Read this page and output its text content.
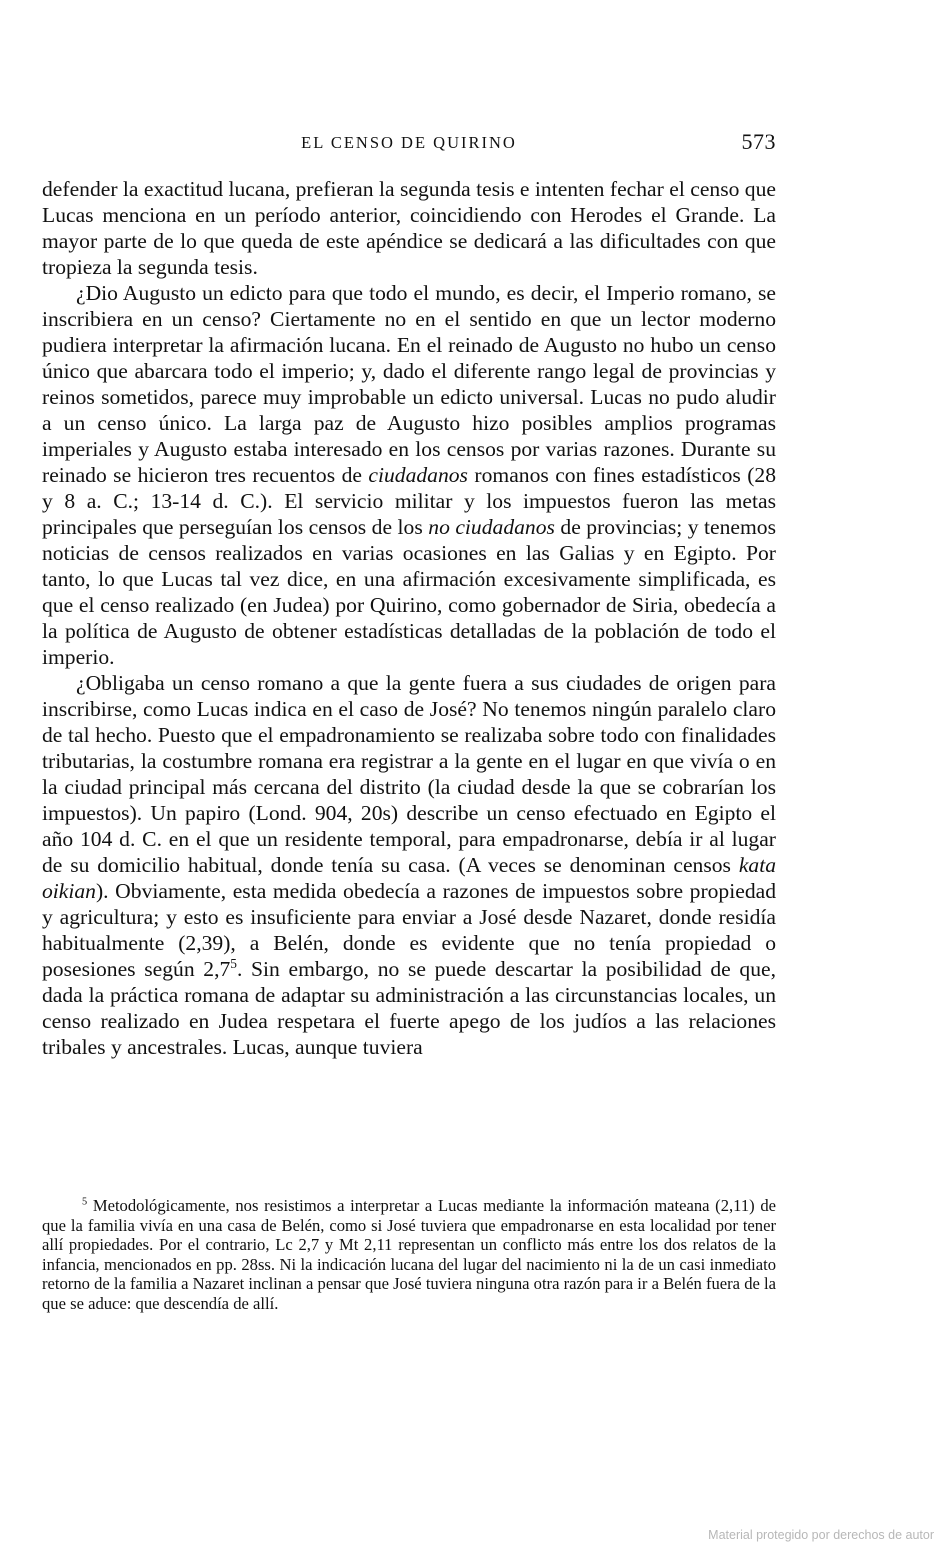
EL CENSO DE QUIRINO	573

defender la exactitud lucana, prefieran la segunda tesis e intenten fechar el censo que Lucas menciona en un período anterior, coincidiendo con Herodes el Grande. La mayor parte de lo que queda de este apéndice se dedicará a las dificultades con que tropieza la segunda tesis.

¿Dio Augusto un edicto para que todo el mundo, es decir, el Imperio romano, se inscribiera en un censo? Ciertamente no en el sentido en que un lector moderno pudiera interpretar la afirmación lucana. En el reinado de Augusto no hubo un censo único que abarcara todo el imperio; y, dado el diferente rango legal de provincias y reinos sometidos, parece muy improbable un edicto universal. Lucas no pudo aludir a un censo único. La larga paz de Augusto hizo posibles amplios programas imperiales y Augusto estaba interesado en los censos por varias razones. Durante su reinado se hicieron tres recuentos de ciudadanos romanos con fines estadísticos (28 y 8 a. C.; 13-14 d. C.). El servicio militar y los impuestos fueron las metas principales que perseguían los censos de los no ciudadanos de provincias; y tenemos noticias de censos realizados en varias ocasiones en las Galias y en Egipto. Por tanto, lo que Lucas tal vez dice, en una afirmación excesivamente simplificada, es que el censo realizado (en Judea) por Quirino, como gobernador de Siria, obedecía a la política de Augusto de obtener estadísticas detalladas de la población de todo el imperio.

¿Obligaba un censo romano a que la gente fuera a sus ciudades de origen para inscribirse, como Lucas indica en el caso de José? No tenemos ningún paralelo claro de tal hecho. Puesto que el empadronamiento se realizaba sobre todo con finalidades tributarias, la costumbre romana era registrar a la gente en el lugar en que vivía o en la ciudad principal más cercana del distrito (la ciudad desde la que se cobrarían los impuestos). Un papiro (Lond. 904, 20s) describe un censo efectuado en Egipto el año 104 d. C. en el que un residente temporal, para empadronarse, debía ir al lugar de su domicilio habitual, donde tenía su casa. (A veces se denominan censos kata oikian). Obviamente, esta medida obedecía a razones de impuestos sobre propiedad y agricultura; y esto es insuficiente para enviar a José desde Nazaret, donde residía habitualmente (2,39), a Belén, donde es evidente que no tenía propiedad o posesiones según $2,7^5$. Sin embargo, no se puede descartar la posibilidad de que, dada la práctica romana de adaptar su administración a las circunstancias locales, un censo realizado en Judea respetara el fuerte apego de los judíos a las relaciones tribales y ancestrales. Lucas, aunque tuviera

$^5$ Metodológicamente, nos resistimos a interpretar a Lucas mediante la información mateana (2,11) de que la familia vivía en una casa de Belén, como si José tuviera que empadronarse en esta localidad por tener allí propiedades. Por el contrario, Lc 2,7 y Mt 2,11 representan un conflicto más entre los dos relatos de la infancia, mencionados en pp. 28ss. Ni la indicación lucana del lugar del nacimiento ni la de un casi inmediato retorno de la familia a Nazaret inclinan a pensar que José tuviera ninguna otra razón para ir a Belén fuera de la que se aduce: que descendía de allí.

Material protegido por derechos de autor
